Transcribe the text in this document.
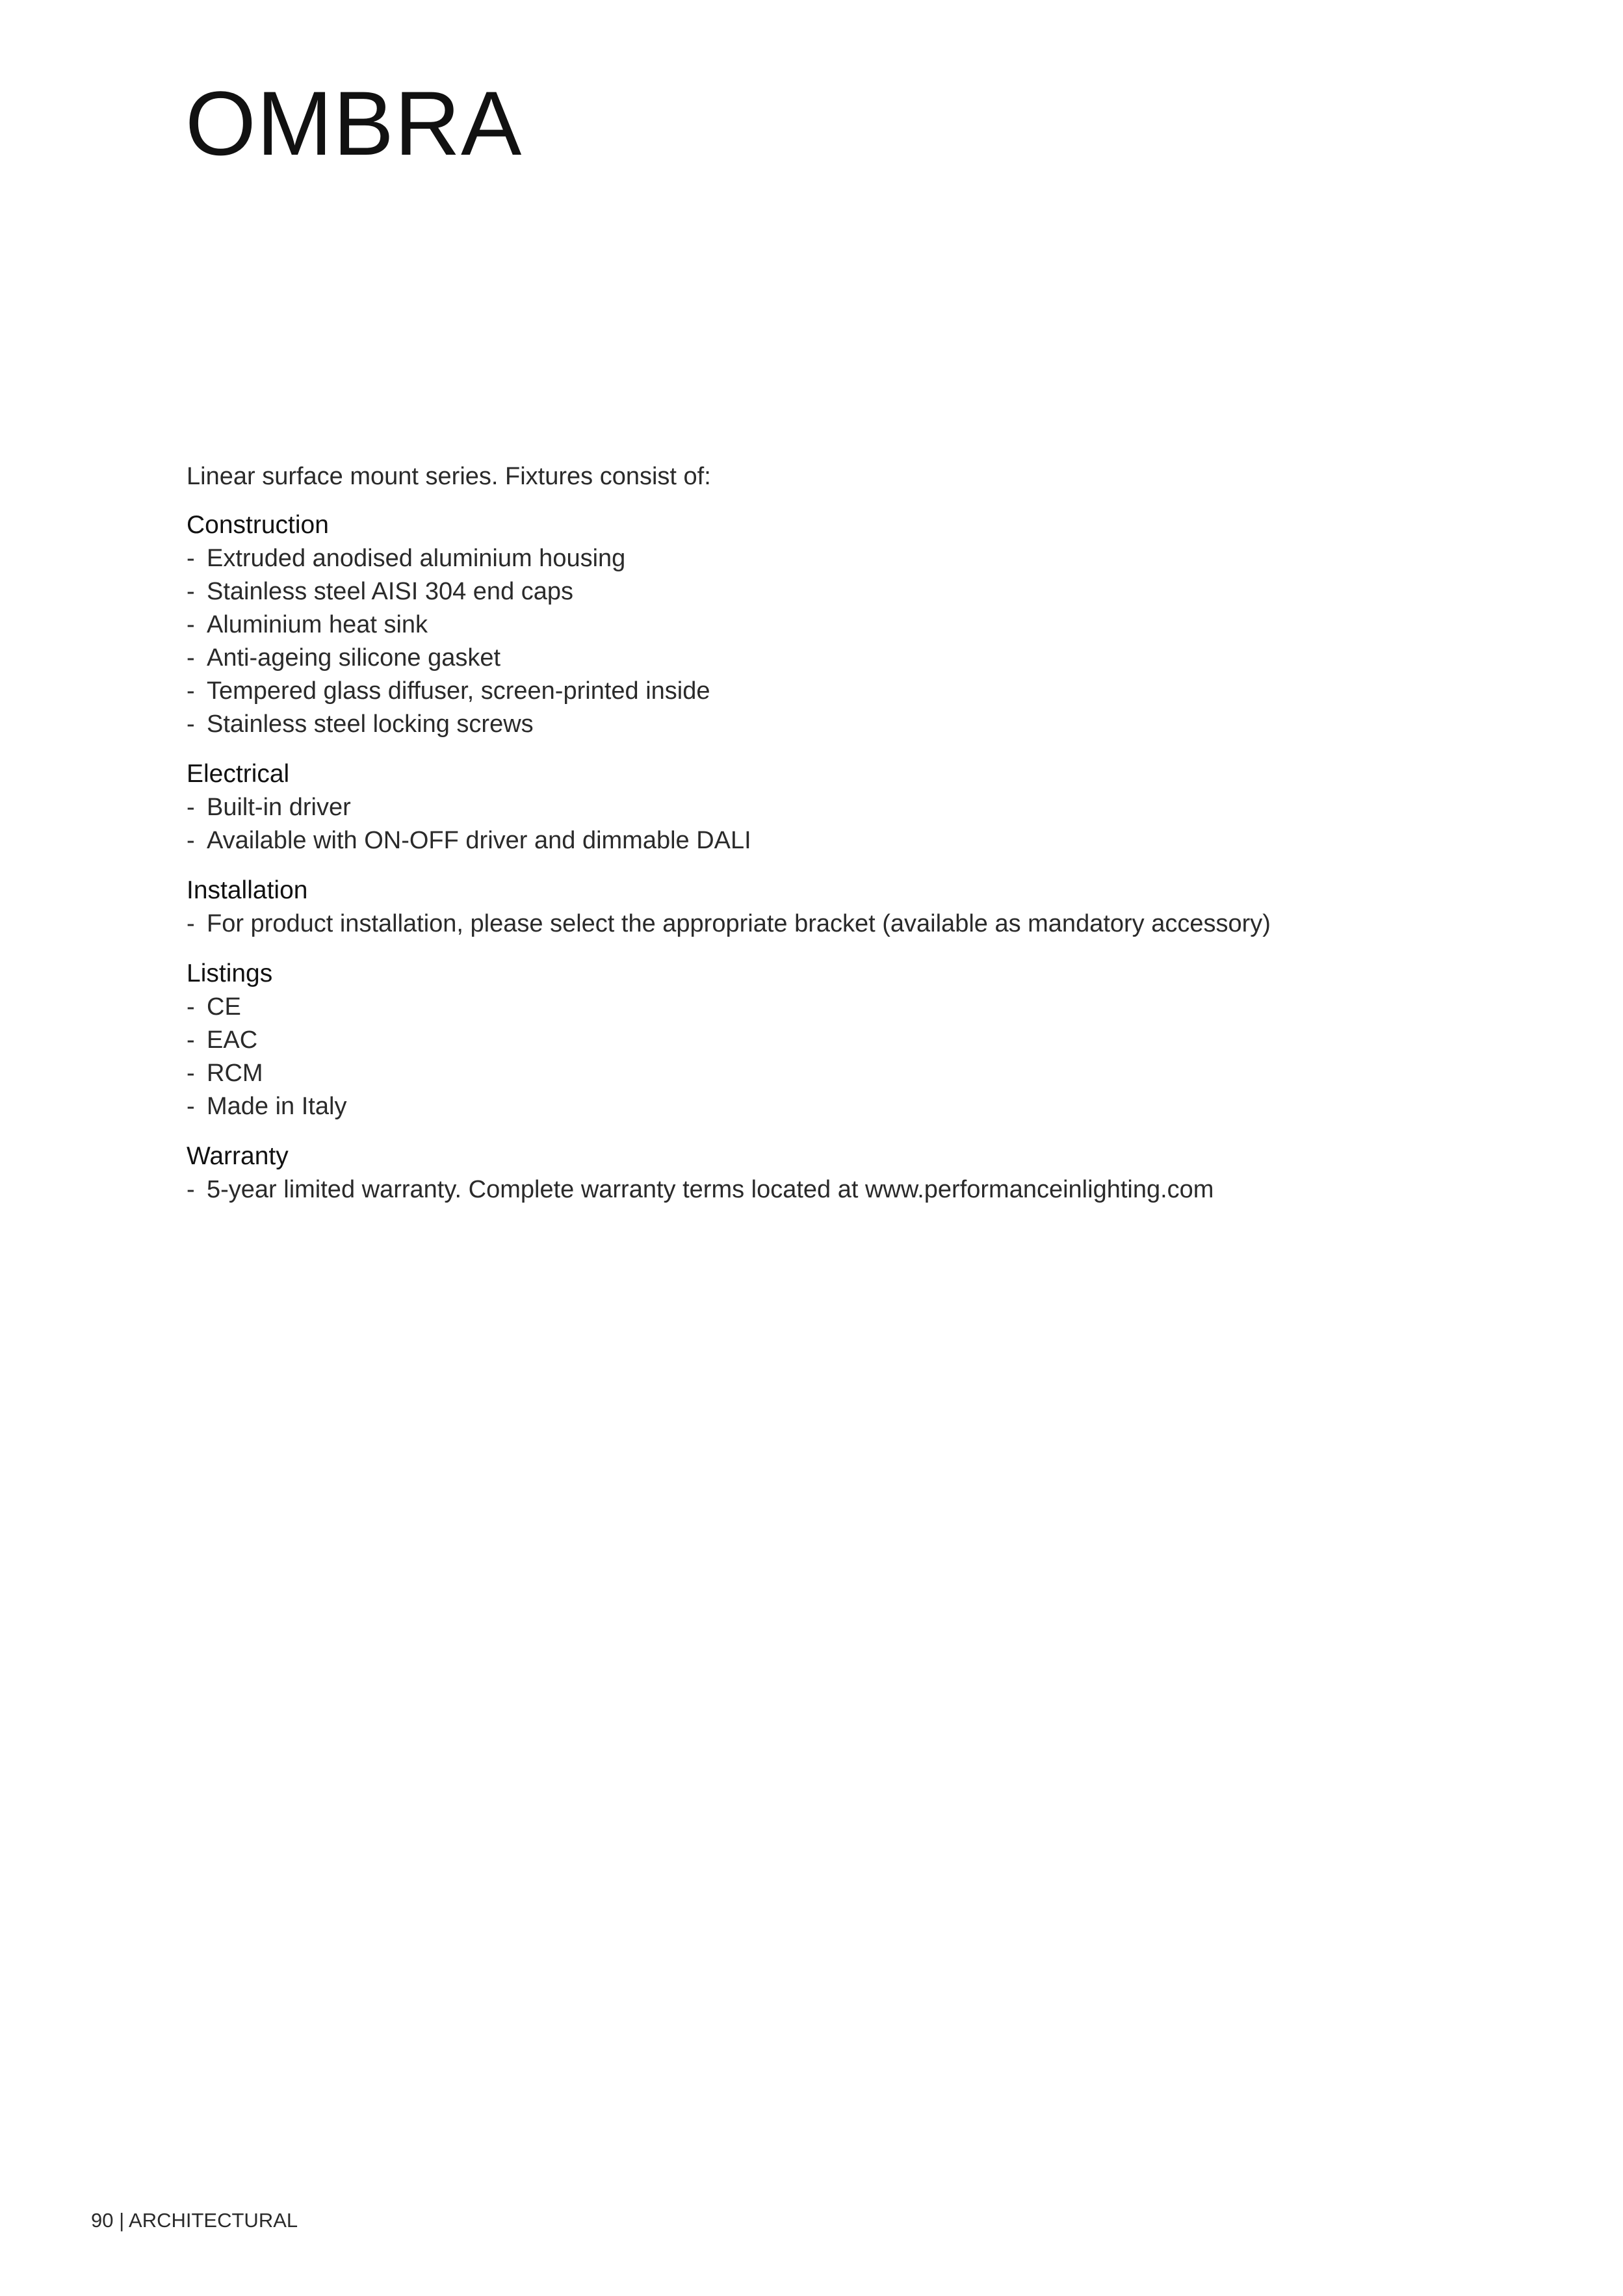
OMBRA

Linear surface mount series. Fixtures consist of:

Construction
- Extruded anodised aluminium housing
- Stainless steel AISI 304 end caps
- Aluminium heat sink
- Anti-ageing silicone gasket
- Tempered glass diffuser, screen-printed inside
- Stainless steel locking screws
Electrical
- Built-in driver
- Available with ON-OFF driver and dimmable DALI
Installation
- For product installation, please select the appropriate bracket (available as mandatory accessory)
Listings
- CE
- EAC
- RCM
- Made in Italy
Warranty
- 5-year limited warranty. Complete warranty terms located at www.performanceinlighting.com
90 | ARCHITECTURAL
